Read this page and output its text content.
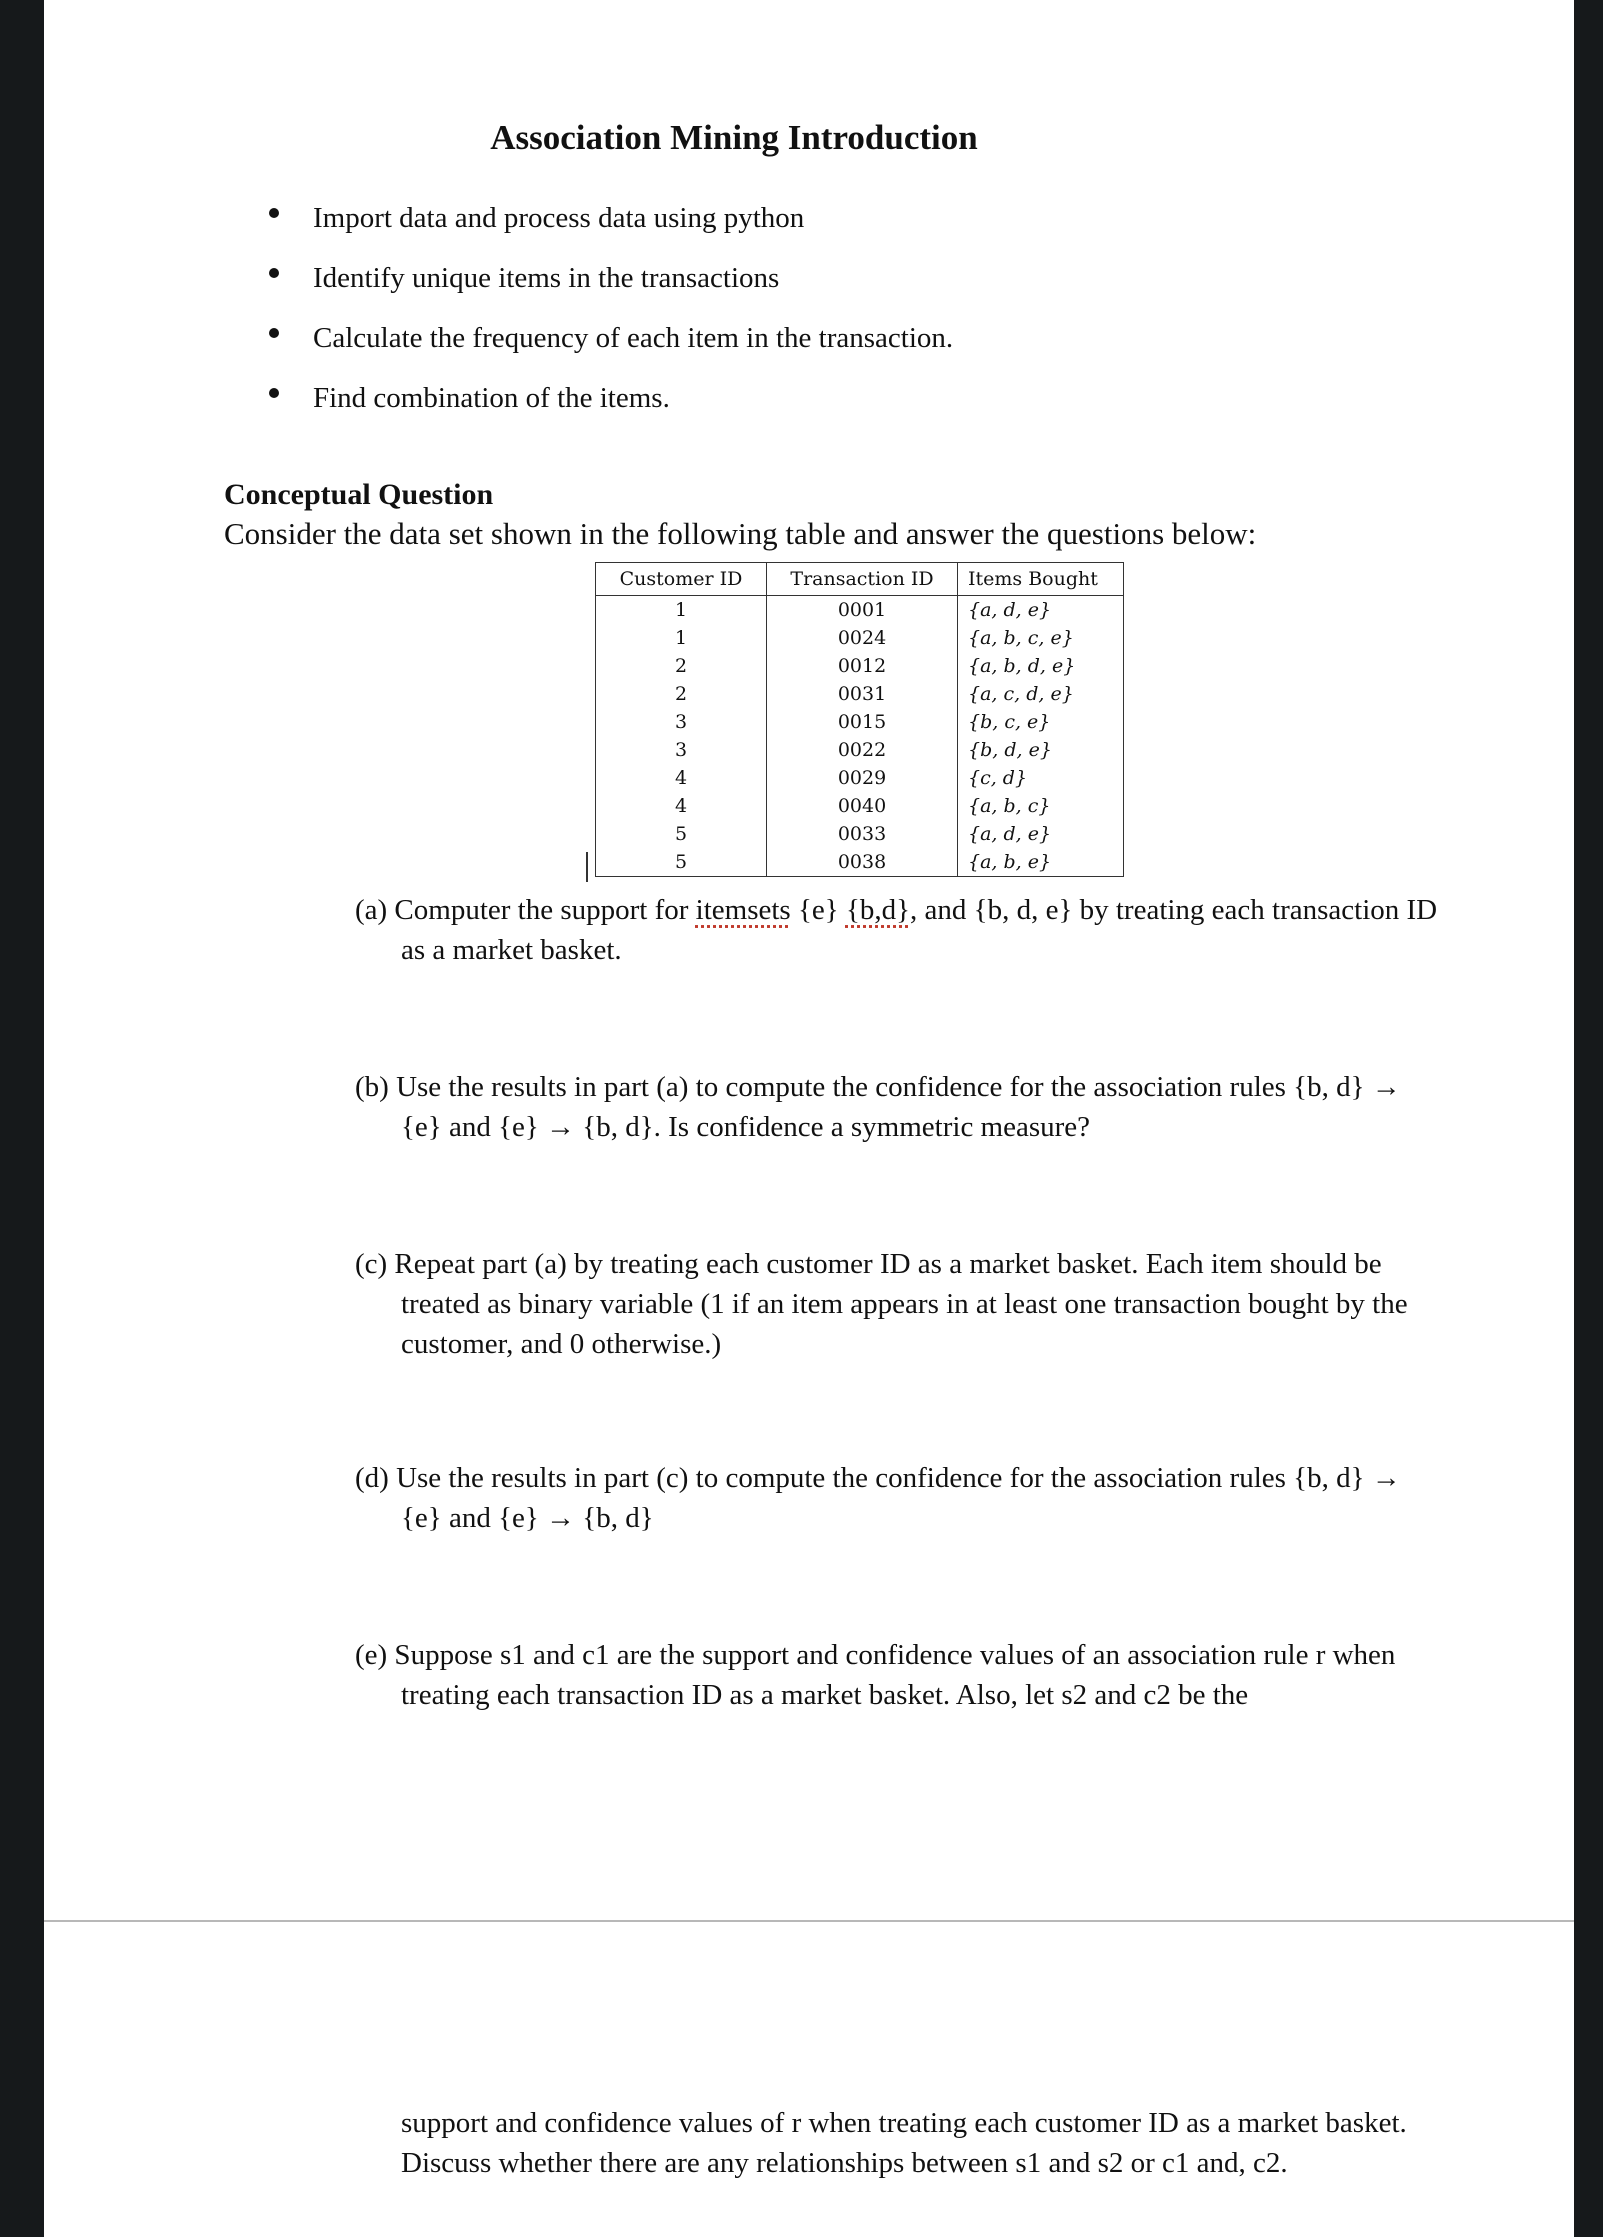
Association Mining Introduction
Import data and process data using python
Identify unique items in the transactions
Calculate the frequency of each item in the transaction.
Find combination of the items.
Conceptual Question
Consider the data set shown in the following table and answer the questions below:
Customer ID	Transaction ID	Items Bought
1	0001	{a, d, e}
1	0024	{a, b, c, e}
2	0012	{a, b, d, e}
2	0031	{a, c, d, e}
3	0015	{b, c, e}
3	0022	{b, d, e}
4	0029	{c, d}
4	0040	{a, b, c}
5	0033	{a, d, e}
5	0038	{a, b, e}
(a) Computer the support for itemsets {e} {b,d}, and {b, d, e} by treating each transaction ID as a market basket.
(b) Use the results in part (a) to compute the confidence for the association rules {b, d} → {e} and {e} → {b, d}. Is confidence a symmetric measure?
(c) Repeat part (a) by treating each customer ID as a market basket. Each item should be treated as binary variable (1 if an item appears in at least one transaction bought by the customer, and 0 otherwise.)
(d) Use the results in part (c) to compute the confidence for the association rules {b, d} → {e} and {e} → {b, d}
(e) Suppose s1 and c1 are the support and confidence values of an association rule r when treating each transaction ID as a market basket. Also, let s2 and c2 be the
support and confidence values of r when treating each customer ID as a market basket. Discuss whether there are any relationships between s1 and s2 or c1 and, c2.
